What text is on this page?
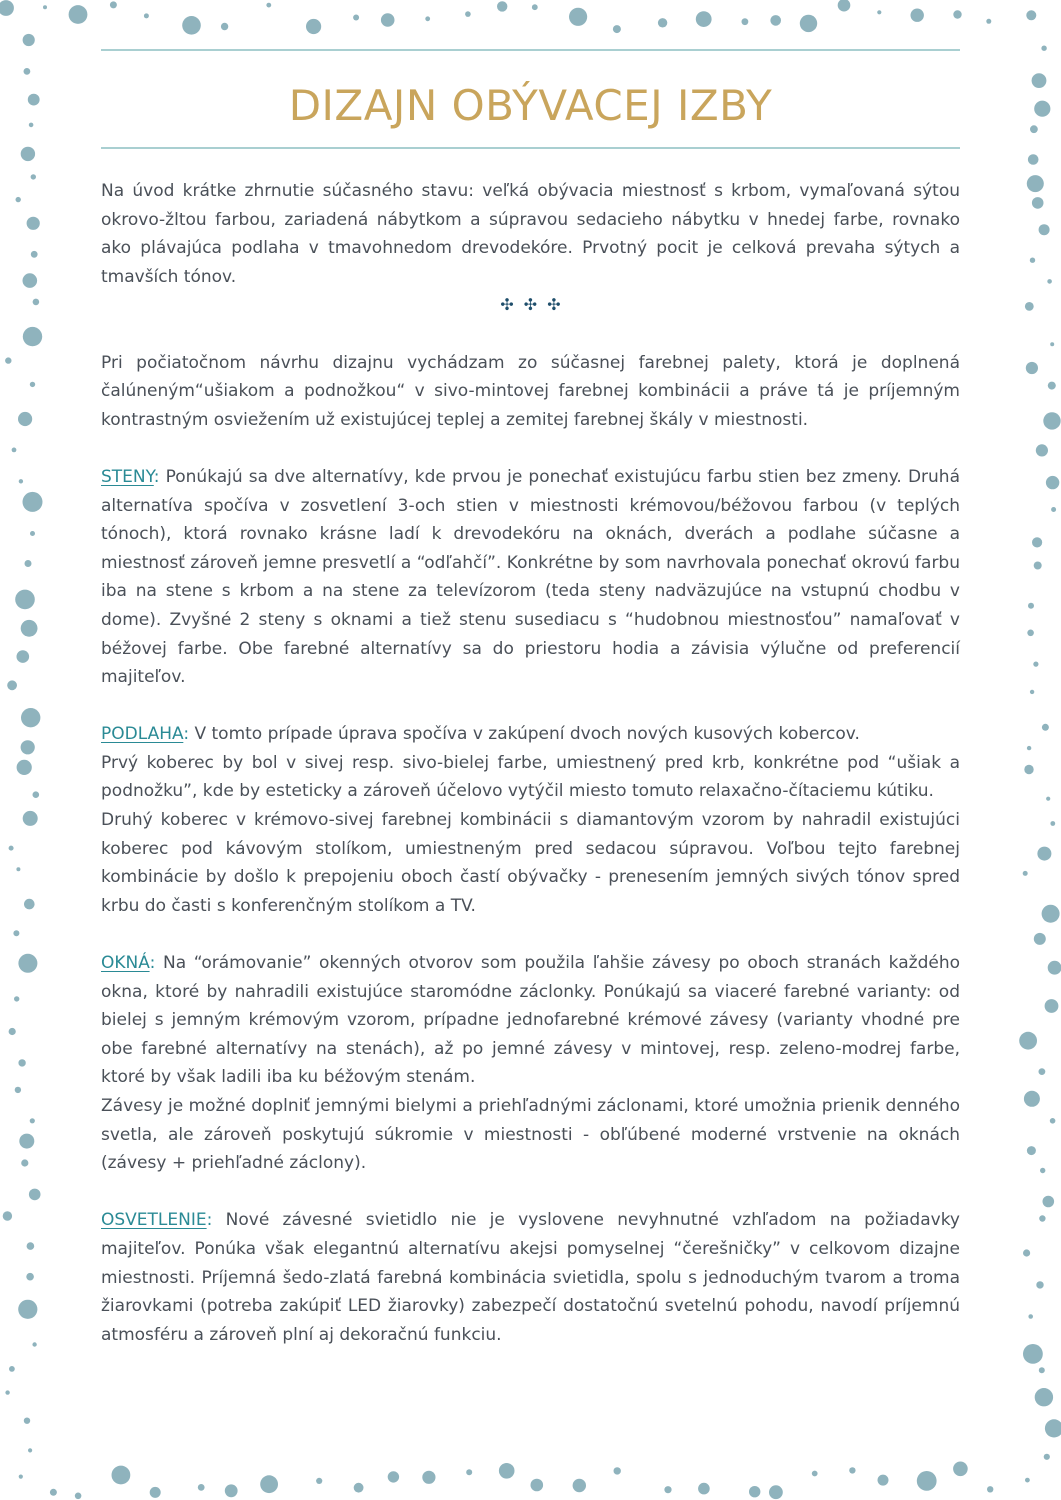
DIZAJN OBÝVACEJ IZBY

Na úvod krátke zhrnutie súčasného stavu: veľká obývacia miestnosť s krbom, vymaľovaná sýtou okrovo-žltou farbou, zariadená nábytkom a súpravou sedacieho nábytku v hnedej farbe, rovnako ako plávajúca podlaha v tmavohnedom drevodekóre. Prvotný pocit je celková prevaha sýtych a tmavších tónov.

✣✣✣

Pri počiatočnom návrhu dizajnu vychádzam zo súčasnej farebnej palety, ktorá je doplnená čalúneným“ušiakom a podnožkou“ v sivo-mintovej farebnej kombinácii a práve tá je príjemným kontrastným osviežením už existujúcej teplej a zemitej farebnej škály v miestnosti.

STENY: Ponúkajú sa dve alternatívy, kde prvou je ponechať existujúcu farbu stien bez zmeny. Druhá alternatíva spočíva v zosvetlení 3-och stien v miestnosti krémovou/béžovou farbou (v teplých tónoch), ktorá rovnako krásne ladí k drevodekóru na oknách, dverách a podlahe súčasne a miestnosť zároveň jemne presvetlí a “odľahčí”. Konkrétne by som navrhovala ponechať okrovú farbu iba na stene s krbom a na stene za televízorom (teda steny nadväzujúce na vstupnú chodbu v dome). Zvyšné 2 steny s oknami a tiež stenu susediacu s “hudobnou miestnosťou” namaľovať v béžovej farbe. Obe farebné alternatívy sa do priestoru hodia a závisia výlučne od preferencií majiteľov.

PODLAHA: V tomto prípade úprava spočíva v zakúpení dvoch nových kusových kobercov.

Prvý koberec by bol v sivej resp. sivo-bielej farbe, umiestnený pred krb, konkrétne pod “ušiak a podnožku”, kde by esteticky a zároveň účelovo vytýčil miesto tomuto relaxačno-čítaciemu kútiku.

Druhý koberec v krémovo-sivej farebnej kombinácii s diamantovým vzorom by nahradil existujúci koberec pod kávovým stolíkom, umiestneným pred sedacou súpravou. Voľbou tejto farebnej kombinácie by došlo k prepojeniu oboch častí obývačky - prenesením jemných sivých tónov spred krbu do časti s konferenčným stolíkom a TV.

OKNÁ: Na “orámovanie” okenných otvorov som použila ľahšie závesy po oboch stranách každého okna, ktoré by nahradili existujúce staromódne záclonky. Ponúkajú sa viaceré farebné varianty: od bielej s jemným krémovým vzorom, prípadne jednofarebné krémové závesy (varianty vhodné pre obe farebné alternatívy na stenách), až po jemné závesy v mintovej, resp. zeleno-modrej farbe, ktoré by však ladili iba ku béžovým stenám.

Závesy je možné doplniť jemnými bielymi a priehľadnými záclonami, ktoré umožnia prienik denného svetla, ale zároveň poskytujú súkromie v miestnosti - obľúbené moderné vrstvenie na oknách (závesy + priehľadné záclony).

OSVETLENIE: Nové závesné svietidlo nie je vyslovene nevyhnutné vzhľadom na požiadavky majiteľov. Ponúka však elegantnú alternatívu akejsi pomyselnej “čerešničky” v celkovom dizajne miestnosti. Príjemná šedo-zlatá farebná kombinácia svietidla, spolu s jednoduchým tvarom a troma žiarovkami (potreba zakúpiť LED žiarovky) zabezpečí dostatočnú svetelnú pohodu, navodí príjemnú atmosféru a zároveň plní aj dekoračnú funkciu.
